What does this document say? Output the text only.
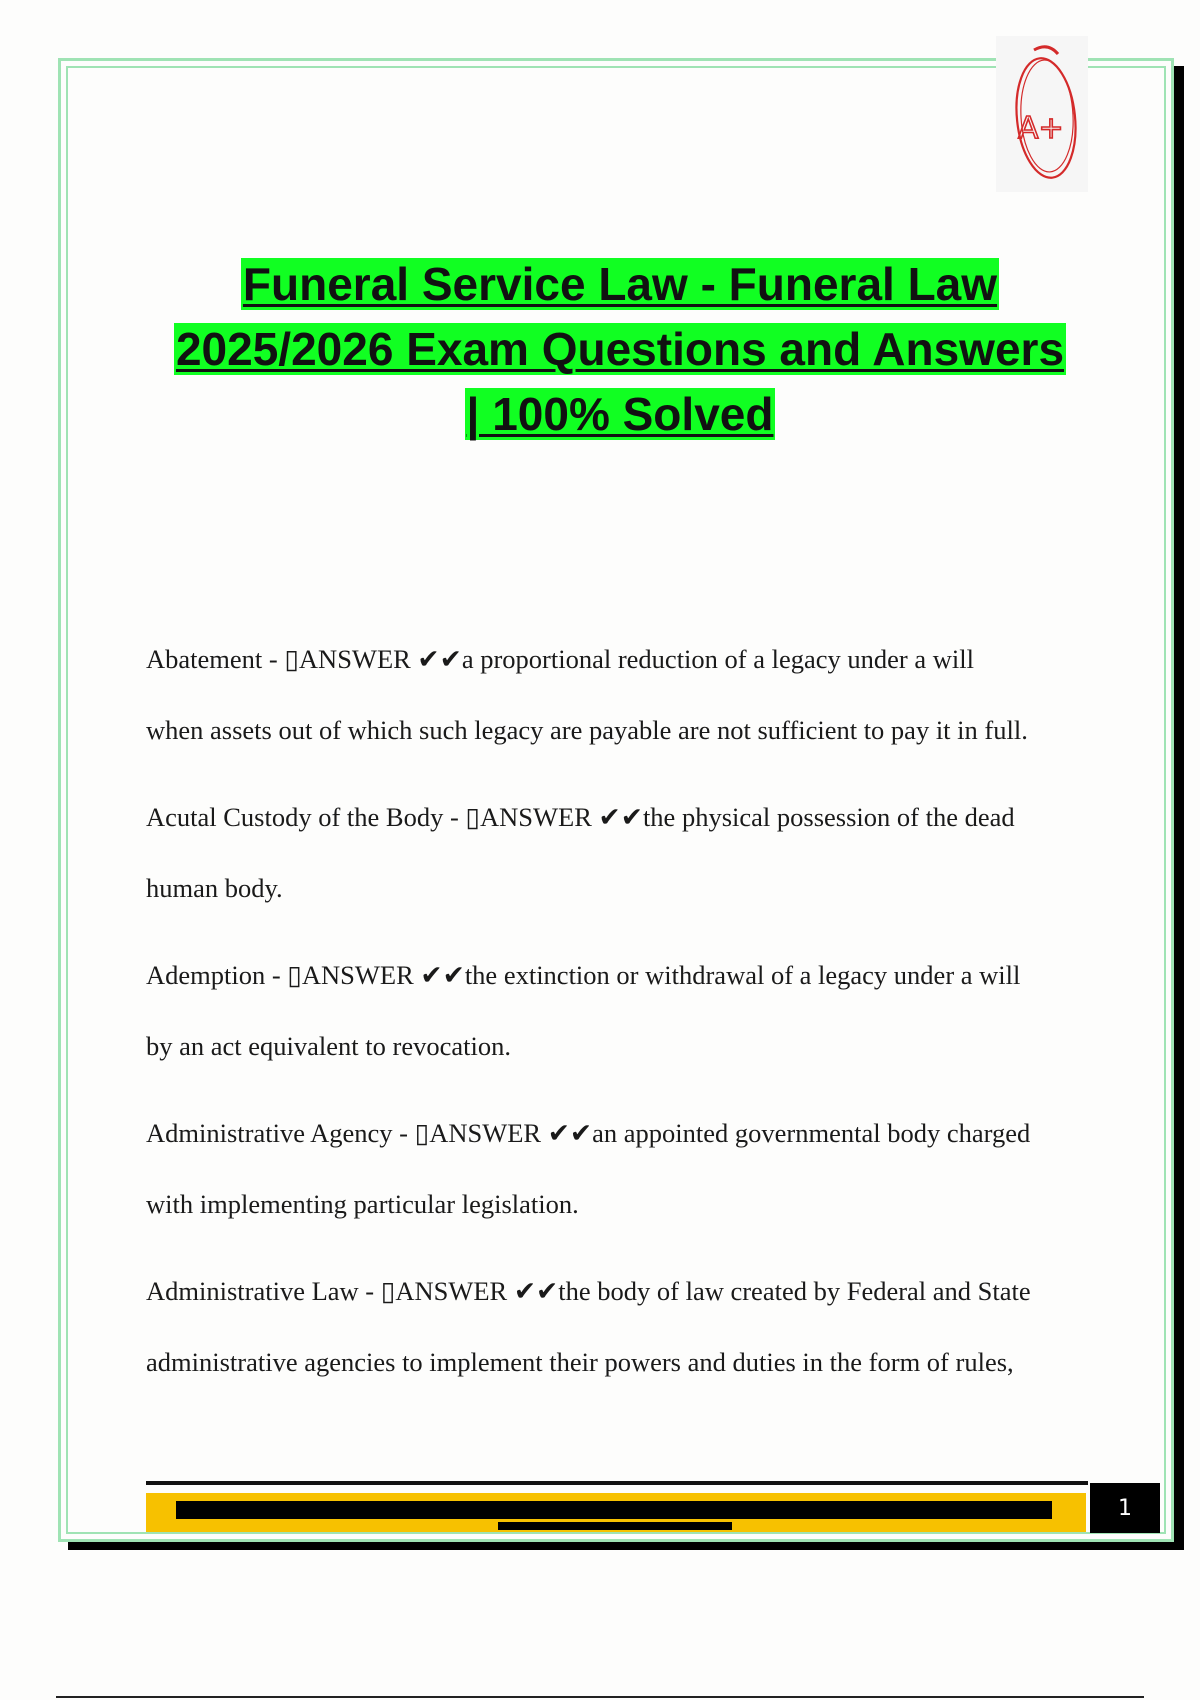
A+
Funeral Service Law - Funeral Law
2025/2026 Exam Questions and Answers
| 100% Solved
Abatement - ▯ANSWER ✔✔a proportional reduction of a legacy under a will
when assets out of which such legacy are payable are not sufficient to pay it in full.
Acutal Custody of the Body - ▯ANSWER ✔✔the physical possession of the dead
human body.
Ademption - ▯ANSWER ✔✔the extinction or withdrawal of a legacy under a will
by an act equivalent to revocation.
Administrative Agency - ▯ANSWER ✔✔an appointed governmental body charged
with implementing particular legislation.
Administrative Law - ▯ANSWER ✔✔the body of law created by Federal and State
administrative agencies to implement their powers and duties in the form of rules,
1
